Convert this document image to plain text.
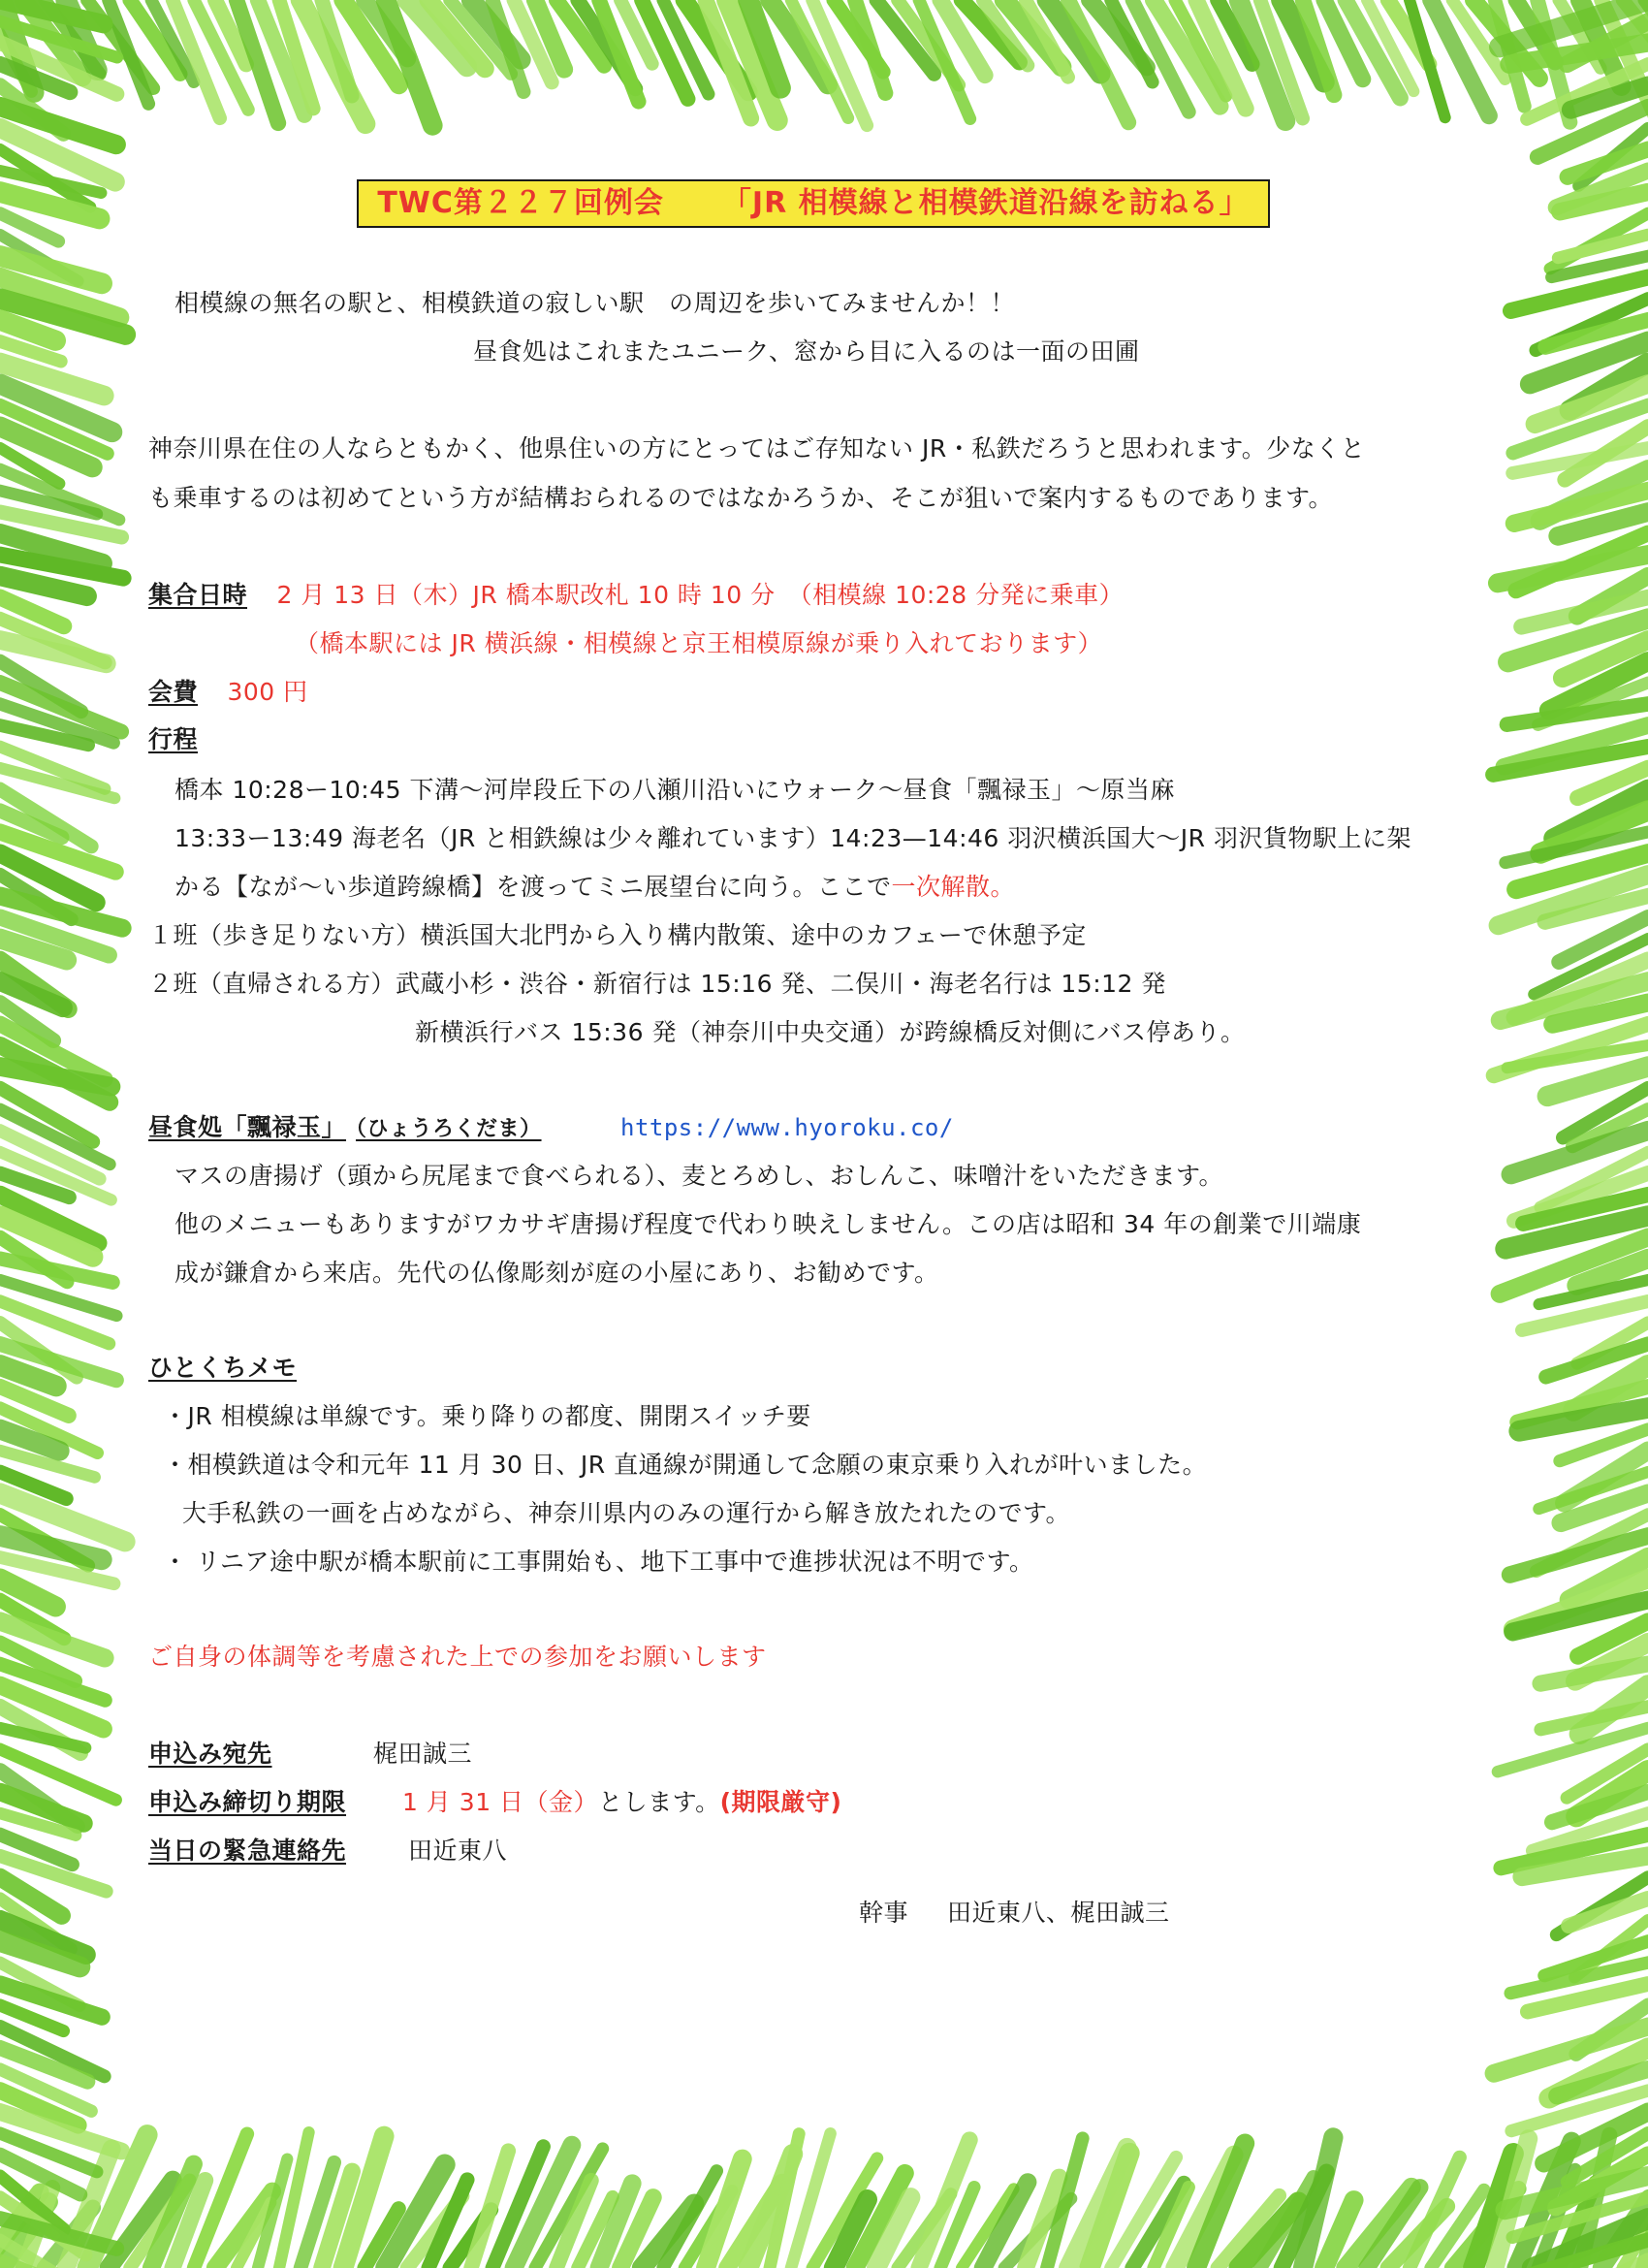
TWC第２２７回例会 「JR 相模線と相模鉄道沿線を訪ねる」
相模線の無名の駅と、相模鉄道の寂しい駅　の周辺を歩いてみませんか！！
昼食処はこれまたユニーク、窓から目に入るのは一面の田圃
神奈川県在住の人ならともかく、他県住いの方にとってはご存知ない JR・私鉄だろうと思われます。少なくと
も乗車するのは初めてという方が結構おられるのではなかろうか、そこが狙いで案内するものであります。
集合日時 2 月 13 日（木）JR 橋本駅改札 10 時 10 分　（相模線 10:28 分発に乗車）
（橋本駅には JR 横浜線・相模線と京王相模原線が乗り入れております）
会費 300 円
行程
橋本 10:28ー10:45 下溝～河岸段丘下の八瀬川沿いにウォーク～昼食「飄禄玉」～原当麻
13:33ー13:49 海老名（JR と相鉄線は少々離れています）14:23—14:46 羽沢横浜国大～JR 羽沢貨物駅上に架
かる【なが～い歩道跨線橋】を渡ってミニ展望台に向う。ここで一次解散。
１班（歩き足りない方）横浜国大北門から入り構内散策、途中のカフェーで休憩予定
２班（直帰される方）武蔵小杉・渋谷・新宿行は 15:16 発、二俣川・海老名行は 15:12 発
新横浜行バス 15:36 発（神奈川中央交通）が跨線橋反対側にバス停あり。
昼食処「飄禄玉」 （ひょうろくだま）	https://www.hyoroku.co/
マスの唐揚げ（頭から尻尾まで食べられる）、麦とろめし、おしんこ、味噌汁をいただきます。
他のメニューもありますがワカサギ唐揚げ程度で代わり映えしません。この店は昭和 34 年の創業で川端康
成が鎌倉から来店。先代の仏像彫刻が庭の小屋にあり、お勧めです。
ひとくちメモ
・JR 相模線は単線です。乗り降りの都度、開閉スイッチ要
・相模鉄道は令和元年 11 月 30 日、JR 直通線が開通して念願の東京乗り入れが叶いました。
大手私鉄の一画を占めながら、神奈川県内のみの運行から解き放たれたのです。
・ リニア途中駅が橋本駅前に工事開始も、地下工事中で進捗状況は不明です。
ご自身の体調等を考慮された上での参加をお願いします
申込み宛先	梶田誠三
申込み締切り期限 1 月 31 日（金）とします。(期限厳守)
当日の緊急連絡先	田近東八
幹事 田近東八、梶田誠三
